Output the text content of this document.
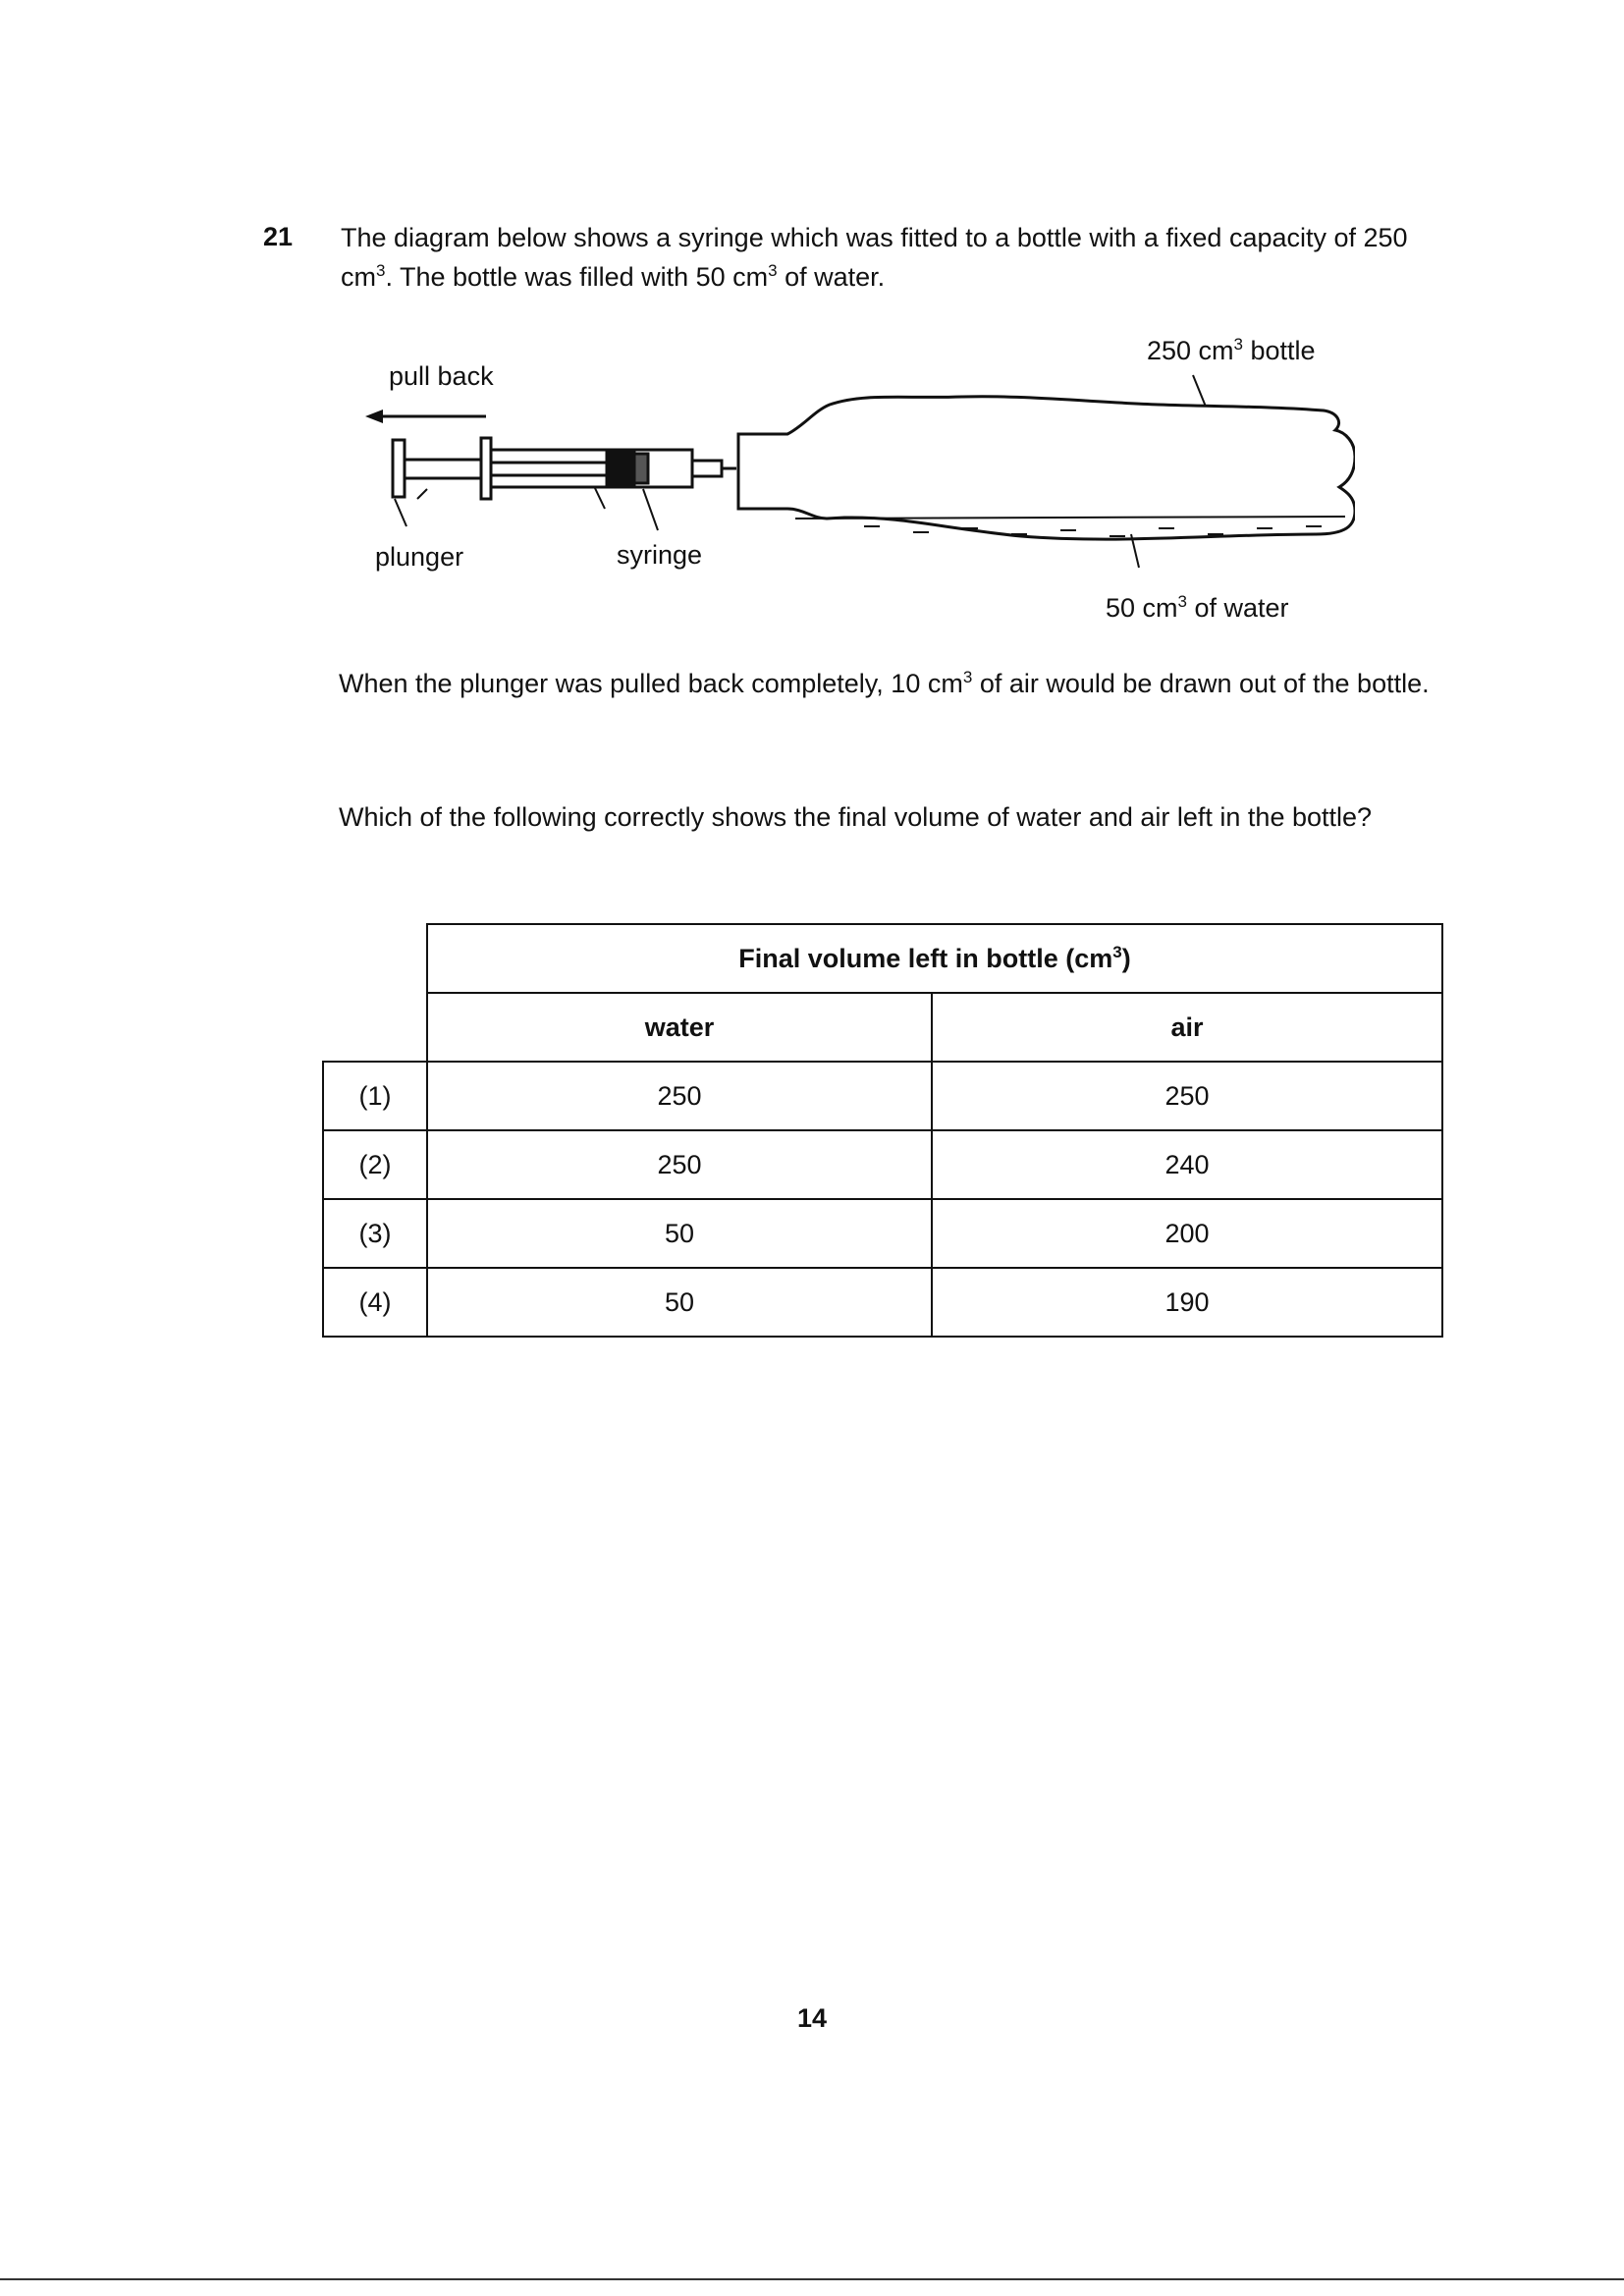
21 The diagram below shows a syringe which was fitted to a bottle with a fixed capacity of 250 $cm^3$. The bottle was filled with 50 $cm^3$ of water.

pull back
250 $cm^3$ bottle
plunger	syringe
50 $cm^3$ of water

When the plunger was pulled back completely, 10 $cm^3$ of air would be drawn out of the bottle.

Which of the following correctly shows the final volume of water and air left in the bottle?

	Final volume left in bottle $(cm^3)$	
	water	air
(1)	250	250
(2)	250	240
(3)	50	200
(4)	50	190
14
